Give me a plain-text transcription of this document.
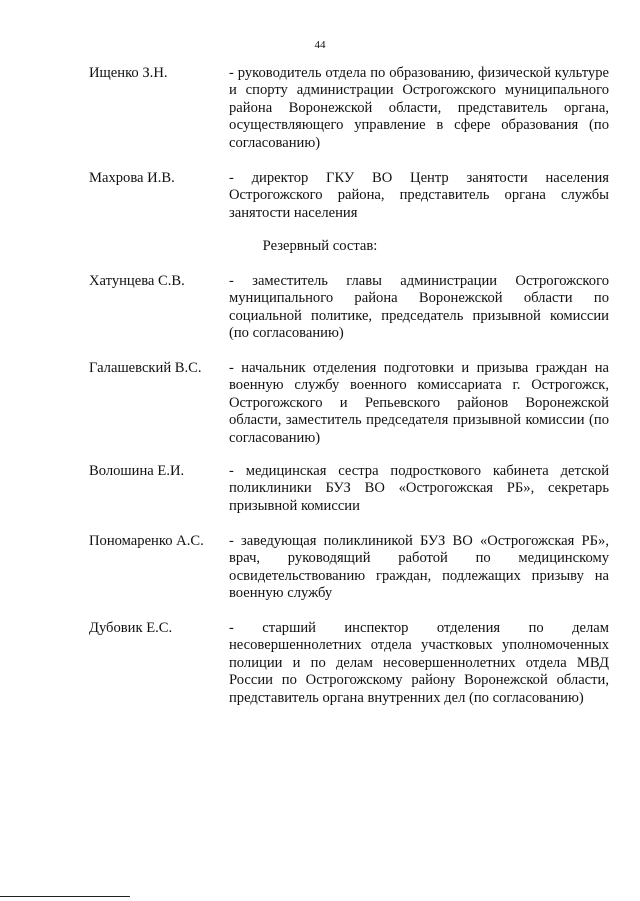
44
Ищенко З.Н.	- руководитель отдела по образованию, физической культуре и спорту администрации Острогожского муниципального района Воронежской области, представитель органа, осуществляющего управление в сфере образования (по согласованию)
Махрова И.В.	- директор ГКУ ВО Центр занятости населения Острогожского района, представитель органа службы занятости населения
Резервный состав:
Хатунцева С.В.	- заместитель главы администрации Острогожского муниципального района Воронежской области по социальной политике, председатель призывной комиссии (по согласованию)
Галашевский В.С.	- начальник отделения подготовки и призыва граждан на военную службу военного комиссариата г. Острогожск, Острогожского и Репьевского районов Воронежской области, заместитель председателя призывной комиссии (по согласованию)
Волошина Е.И.	- медицинская сестра подросткового кабинета детской поликлиники БУЗ ВО «Острогожская РБ», секретарь призывной комиссии
Пономаренко А.С.	- заведующая поликлиникой БУЗ ВО «Острогожская РБ», врач, руководящий работой по медицинскому освидетельствованию граждан, подлежащих призыву на военную службу
Дубовик Е.С.	- старший инспектор отделения по делам несовершеннолетних отдела участковых уполномоченных полиции и по делам несовершеннолетних отдела МВД России по Острогожскому району Воронежской области, представитель органа внутренних дел (по согласованию)
